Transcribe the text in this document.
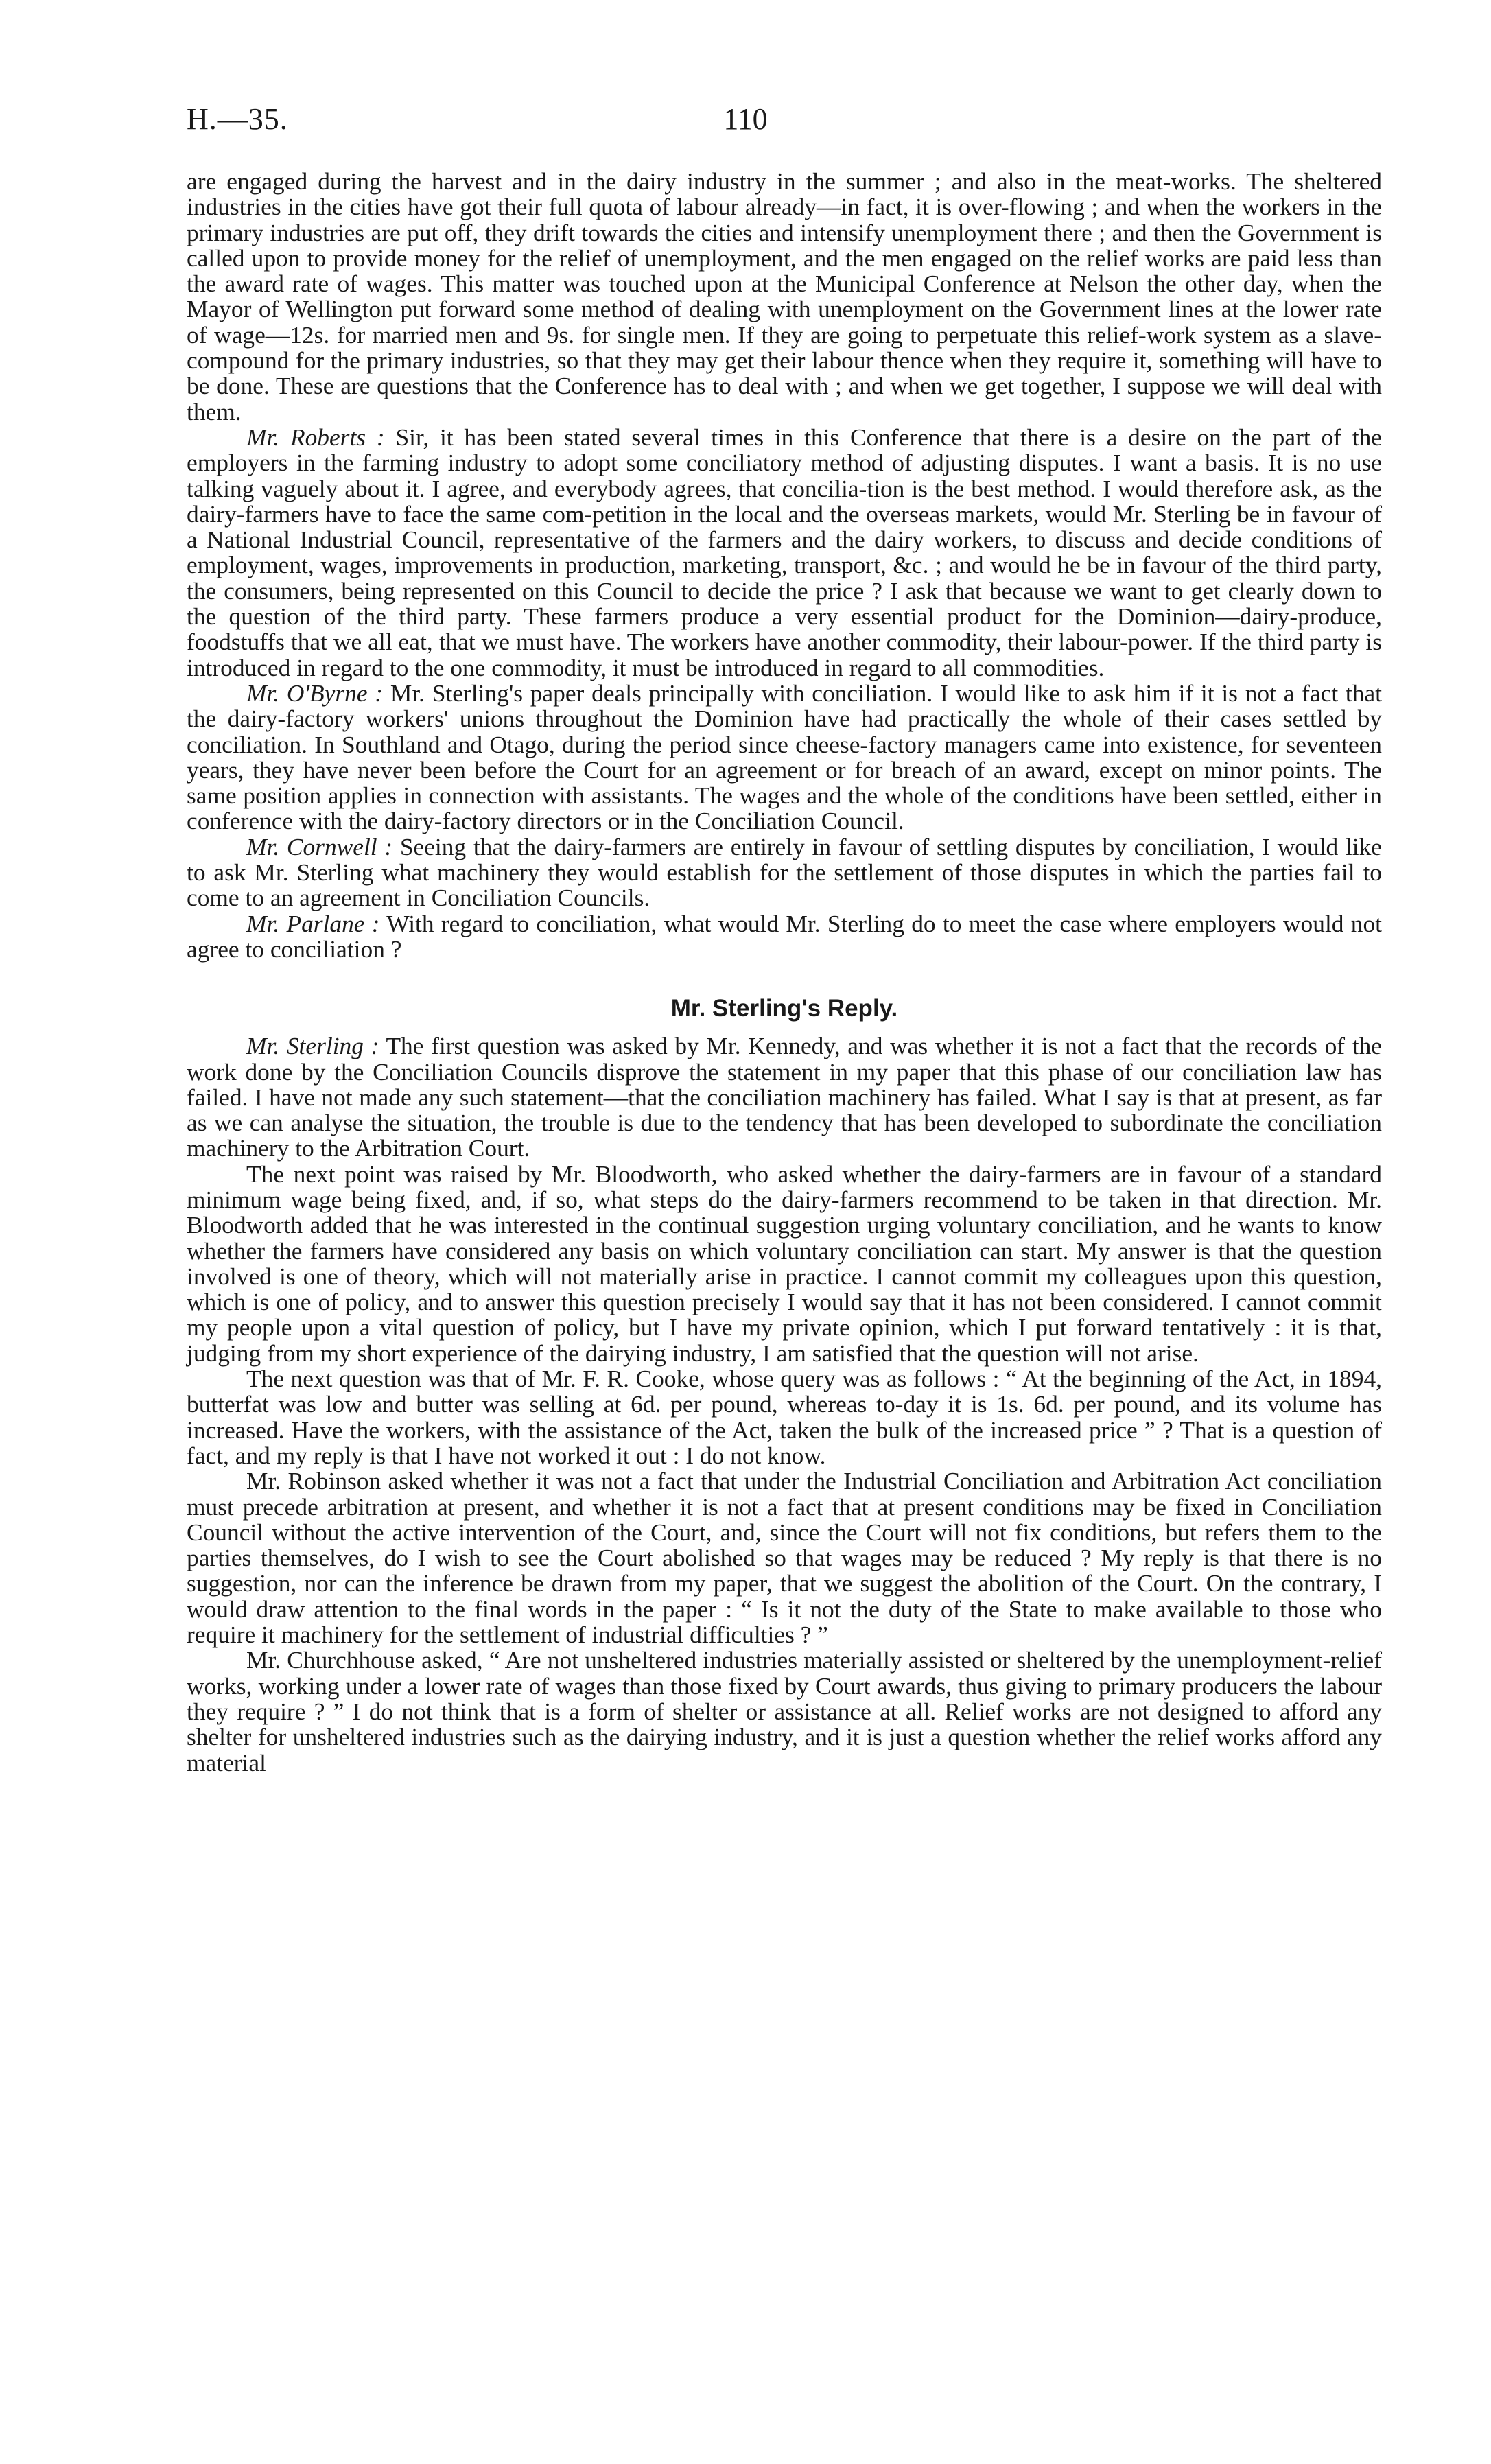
H.—35.	110

are engaged during the harvest and in the dairy industry in the summer ; and also in the meat-works. The sheltered industries in the cities have got their full quota of labour already—in fact, it is over-flowing ; and when the workers in the primary industries are put off, they drift towards the cities and intensify unemployment there ; and then the Government is called upon to provide money for the relief of unemployment, and the men engaged on the relief works are paid less than the award rate of wages. This matter was touched upon at the Municipal Conference at Nelson the other day, when the Mayor of Wellington put forward some method of dealing with unemployment on the Government lines at the lower rate of wage—12s. for married men and 9s. for single men. If they are going to perpetuate this relief-work system as a slave-compound for the primary industries, so that they may get their labour thence when they require it, something will have to be done. These are questions that the Conference has to deal with ; and when we get together, I suppose we will deal with them.

Mr. Roberts : Sir, it has been stated several times in this Conference that there is a desire on the part of the employers in the farming industry to adopt some conciliatory method of adjusting disputes. I want a basis. It is no use talking vaguely about it. I agree, and everybody agrees, that concilia-tion is the best method. I would therefore ask, as the dairy-farmers have to face the same com-petition in the local and the overseas markets, would Mr. Sterling be in favour of a National Industrial Council, representative of the farmers and the dairy workers, to discuss and decide conditions of employment, wages, improvements in production, marketing, transport, &c. ; and would he be in favour of the third party, the consumers, being represented on this Council to decide the price ? I ask that because we want to get clearly down to the question of the third party. These farmers produce a very essential product for the Dominion—dairy-produce, foodstuffs that we all eat, that we must have. The workers have another commodity, their labour-power. If the third party is introduced in regard to the one commodity, it must be introduced in regard to all commodities.

Mr. O'Byrne : Mr. Sterling's paper deals principally with conciliation. I would like to ask him if it is not a fact that the dairy-factory workers' unions throughout the Dominion have had practically the whole of their cases settled by conciliation. In Southland and Otago, during the period since cheese-factory managers came into existence, for seventeen years, they have never been before the Court for an agreement or for breach of an award, except on minor points. The same position applies in connection with assistants. The wages and the whole of the conditions have been settled, either in conference with the dairy-factory directors or in the Conciliation Council.

Mr. Cornwell : Seeing that the dairy-farmers are entirely in favour of settling disputes by conciliation, I would like to ask Mr. Sterling what machinery they would establish for the settlement of those disputes in which the parties fail to come to an agreement in Conciliation Councils.

Mr. Parlane : With regard to conciliation, what would Mr. Sterling do to meet the case where employers would not agree to conciliation ?

Mr. Sterling's Reply.

Mr. Sterling : The first question was asked by Mr. Kennedy, and was whether it is not a fact that the records of the work done by the Conciliation Councils disprove the statement in my paper that this phase of our conciliation law has failed. I have not made any such statement—that the conciliation machinery has failed. What I say is that at present, as far as we can analyse the situation, the trouble is due to the tendency that has been developed to subordinate the conciliation machinery to the Arbitration Court.

The next point was raised by Mr. Bloodworth, who asked whether the dairy-farmers are in favour of a standard minimum wage being fixed, and, if so, what steps do the dairy-farmers recommend to be taken in that direction. Mr. Bloodworth added that he was interested in the continual suggestion urging voluntary conciliation, and he wants to know whether the farmers have considered any basis on which voluntary conciliation can start. My answer is that the question involved is one of theory, which will not materially arise in practice. I cannot commit my colleagues upon this question, which is one of policy, and to answer this question precisely I would say that it has not been considered. I cannot commit my people upon a vital question of policy, but I have my private opinion, which I put forward tentatively : it is that, judging from my short experience of the dairying industry, I am satisfied that the question will not arise.

The next question was that of Mr. F. R. Cooke, whose query was as follows : “ At the beginning of the Act, in 1894, butterfat was low and butter was selling at 6d. per pound, whereas to-day it is 1s. 6d. per pound, and its volume has increased. Have the workers, with the assistance of the Act, taken the bulk of the increased price ” ? That is a question of fact, and my reply is that I have not worked it out : I do not know.

Mr. Robinson asked whether it was not a fact that under the Industrial Conciliation and Arbitration Act conciliation must precede arbitration at present, and whether it is not a fact that at present conditions may be fixed in Conciliation Council without the active intervention of the Court, and, since the Court will not fix conditions, but refers them to the parties themselves, do I wish to see the Court abolished so that wages may be reduced ? My reply is that there is no suggestion, nor can the inference be drawn from my paper, that we suggest the abolition of the Court. On the contrary, I would draw attention to the final words in the paper : “ Is it not the duty of the State to make available to those who require it machinery for the settlement of industrial difficulties ? ”

Mr. Churchhouse asked, “ Are not unsheltered industries materially assisted or sheltered by the unemployment-relief works, working under a lower rate of wages than those fixed by Court awards, thus giving to primary producers the labour they require ? ” I do not think that is a form of shelter or assistance at all. Relief works are not designed to afford any shelter for unsheltered industries such as the dairying industry, and it is just a question whether the relief works afford any material
